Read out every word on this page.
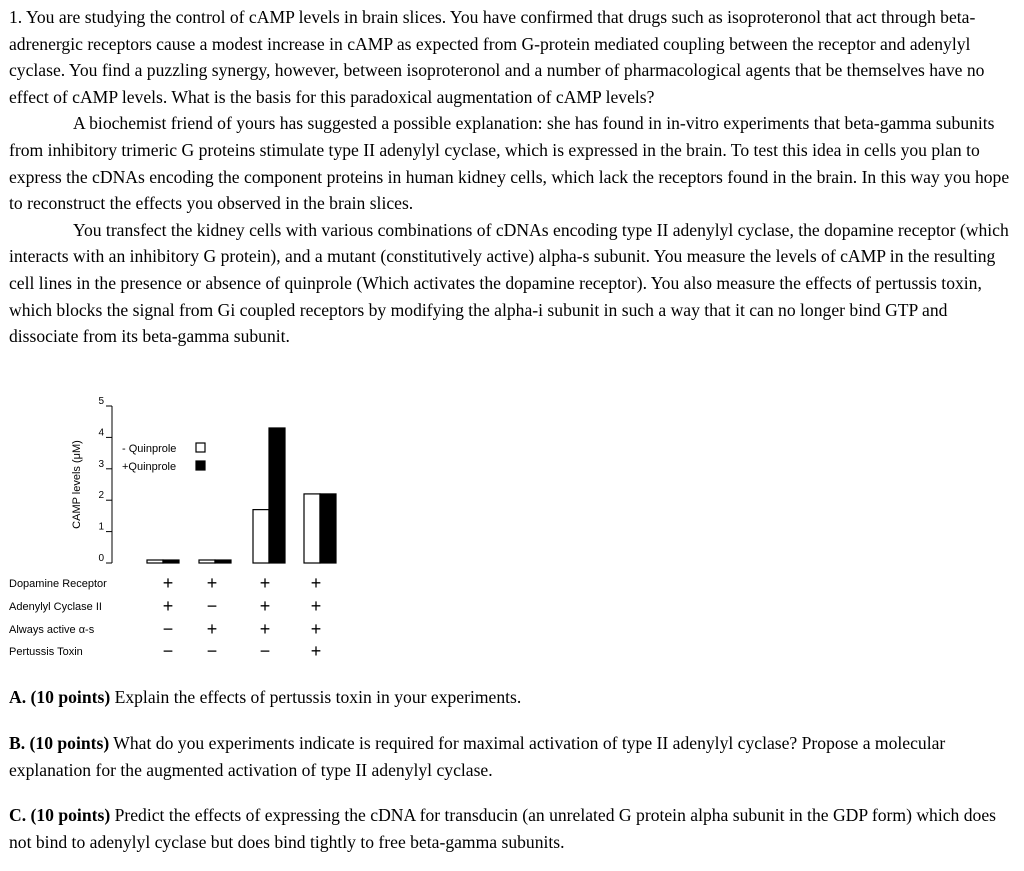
1. You are studying the control of cAMP levels in brain slices. You have confirmed that drugs such as isoproteronol that act through beta-adrenergic receptors cause a modest increase in cAMP as expected from G-protein mediated coupling between the receptor and adenylyl cyclase. You find a puzzling synergy, however, between isoproteronol and a number of pharmacological agents that be themselves have no effect of cAMP levels. What is the basis for this paradoxical augmentation of cAMP levels?

A biochemist friend of yours has suggested a possible explanation: she has found in in-vitro experiments that beta-gamma subunits from inhibitory trimeric G proteins stimulate type II adenylyl cyclase, which is expressed in the brain. To test this idea in cells you plan to express the cDNAs encoding the component proteins in human kidney cells, which lack the receptors found in the brain. In this way you hope to reconstruct the effects you observed in the brain slices.

You transfect the kidney cells with various combinations of cDNAs encoding type II adenylyl cyclase, the dopamine receptor (which interacts with an inhibitory G protein), and a mutant (constitutively active) alpha-s subunit. You measure the levels of cAMP in the resulting cell lines in the presence or absence of quinprole (Which activates the dopamine receptor). You also measure the effects of pertussis toxin, which blocks the signal from Gi coupled receptors by modifying the alpha-i subunit in such a way that it can no longer bind GTP and dissociate from its beta-gamma subunit.

0
1
2
3
4
5
CAMP levels (μM)	- Quinprole
+Quinprole
Dopamine Receptor	+ + + +
Adenylyl Cyclase II	+ − + +
Always active α-s	− + + +
Pertussis Toxin	− − − +

A. (10 points) Explain the effects of pertussis toxin in your experiments.

B. (10 points) What do you experiments indicate is required for maximal activation of type II adenylyl cyclase? Propose a molecular explanation for the augmented activation of type II adenylyl cyclase.

C. (10 points) Predict the effects of expressing the cDNA for transducin (an unrelated G protein alpha subunit in the GDP form) which does not bind to adenylyl cyclase but does bind tightly to free beta-gamma subunits.
